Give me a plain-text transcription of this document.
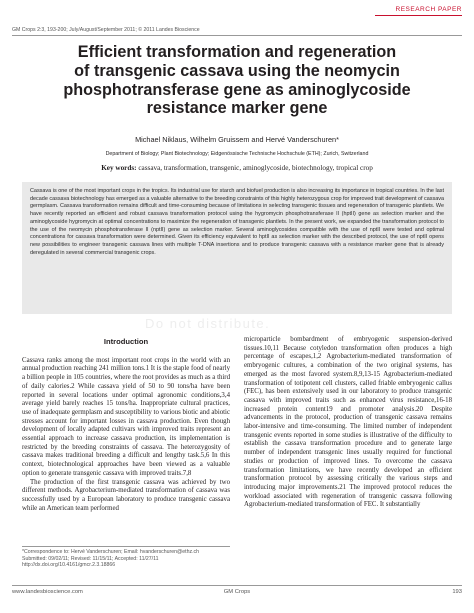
RESEARCH PAPER
GM Crops 2:3, 193-200; July/August/September 2011; © 2011 Landes Bioscience
Efficient transformation and regeneration
of transgenic cassava using the neomycin
phosphotransferase gene as aminoglycoside
resistance marker gene
Michael Niklaus, Wilhelm Gruissem and Hervé Vanderschuren*
Department of Biology; Plant Biotechnology; Eidgenössische Technische Hochschule (ETH); Zurich, Switzerland
Key words: cassava, transformation, transgenic, aminoglycoside, biotechnology, tropical crop

Cassava is one of the most important crops in the tropics. Its industrial use for starch and biofuel production is also increasing its importance in tropical countries. In the last decade cassava biotechnology has emerged as a valuable alternative to the breeding constraints of this highly heterozygous crop for improved trait development of cassava germplasm. Cassava transformation remains difficult and time-consuming because of limitations in selecting transgenic tissues and regeneration of transgenic plantlets. We have recently reported an efficient and robust cassava transformation protocol using the hygromycin phosphotransferase II (hptII) gene as selection marker and the aminoglycoside hygromycin at optimal concentrations to maximize the regeneration of transgenic plantlets. In the present work, we expanded the transformation protocol to the use of the neomycin phosphotransferase II (nptII) gene as selection marker. Several aminoglycosides compatible with the use of nptII were tested and optimal concentrations for cassava transformation were determined. Given its efficiency equivalent to hptII as selection marker with the described protocol, the use of nptII opens new possibilities to engineer transgenic cassava lines with multiple T-DNA insertions and to produce transgenic cassava with a resistance marker gene that is already deregulated in several commercial transgenic crops.

Do not distribute.
Introduction

Cassava ranks among the most important root crops in the world with an annual production reaching 241 million tons.1 It is the staple food of nearly a billion people in 105 countries, where the root provides as much as a third of daily calories.2 While cassava yield of 50 to 90 tons/ha have been reported in several locations under optimal agronomic conditions,3,4 average yield barely reaches 15 tons/ha. Inappropriate cultural practices, use of inadequate germplasm and susceptibility to various biotic and abiotic stresses account for important losses in cassava production. Even though development of locally adapted cultivars with improved traits represent an essential approach to increase cassava production, its implementation is restricted by the breeding constraints of cassava. The heterozygosity of cassava makes traditional breeding a difficult and lengthy task.5,6 In this context, biotechnological approaches have been viewed as a valuable option to generate transgenic cassava with improved traits.7,8

The production of the first transgenic cassava was achieved by two different methods. Agrobacterium-mediated transformation of cassava was successfully used by a European laboratory to produce transgenic cassava while an American team performed

microparticle bombardment of embryogenic suspension-derived tissues.10,11 Because cotyledon transformation often produces a high percentage of escapes,1,2 Agrobacterium-mediated transformation of embryogenic cultures, a combination of the two original systems, has emerged as the most favored system.8,9,13-15 Agrobacterium-mediated transformation of totipotent cell clusters, called friable embryogenic callus (FEC), has been extensively used in our laboratory to produce transgenic cassava with improved traits such as enhanced virus resistance,16-18 increased protein content19 and promoter analysis.20 Despite advancements in the protocol, production of transgenic cassava remains labor-intensive and time-consuming. The limited number of independent transgenic events reported in some studies is illustrative of the difficulty to establish the cassava transformation procedure and to generate large number of independent transgenic lines usually required for functional studies or production of improved lines. To overcome the cassava transformation limitations, we have recently developed an efficient transformation protocol by assessing critically the various steps and introducing major improvements.21 The improved protocol reduces the workload associated with regeneration of transgenic cassava following Agrobacterium-mediated transformation of FEC. It substantially

*Correspondence to: Hervé Vanderschuren; Email: hvanderschuren@ethz.ch
Submitted: 09/02/11; Revised: 11/15/11; Accepted: 11/27/11
http://dx.doi.org/10.4161/gmcr.2.3.18866
www.landesbioscience.com	GM Crops	193
